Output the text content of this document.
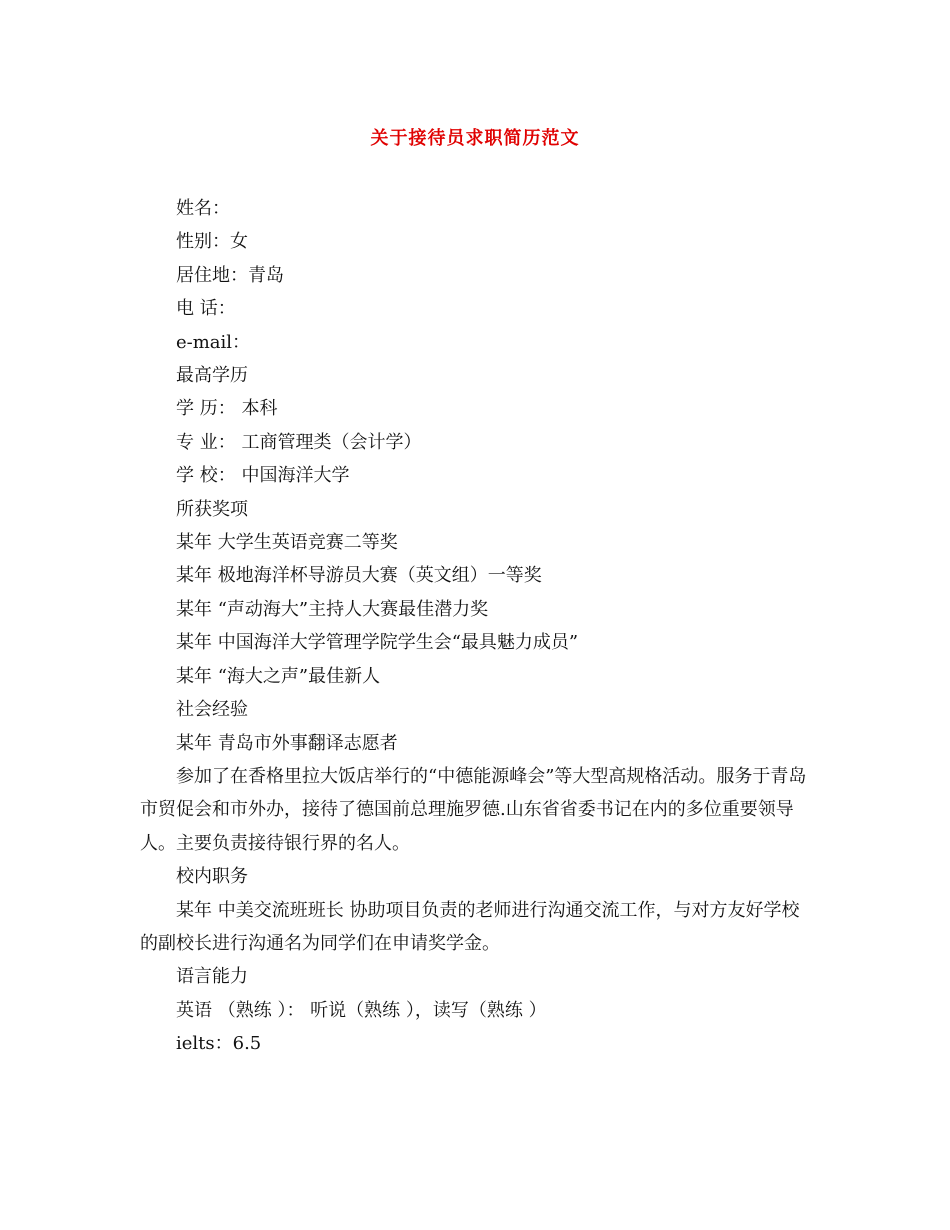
关于接待员求职简历范文

姓名：

性别：女

居住地：青岛

电 话：

e-mail：

最高学历

学 历： 本科

专 业： 工商管理类（会计学）

学 校： 中国海洋大学

所获奖项

某年 大学生英语竞赛二等奖

某年 极地海洋杯导游员大赛（英文组）一等奖

某年 “声动海大”主持人大赛最佳潜力奖

某年 中国海洋大学管理学院学生会“最具魅力成员”

某年 “海大之声”最佳新人

社会经验

某年 青岛市外事翻译志愿者

参加了在香格里拉大饭店举行的“中德能源峰会”等大型高规格活动。服务于青岛市贸促会和市外办，接待了德国前总理施罗德.山东省省委书记在内的多位重要领导人。主要负责接待银行界的名人。

校内职务

某年 中美交流班班长 协助项目负责的老师进行沟通交流工作，与对方友好学校的副校长进行沟通名为同学们在申请奖学金。

语言能力

英语 （熟练 ）： 听说（熟练 ），读写（熟练 ）

ielts：6.5
